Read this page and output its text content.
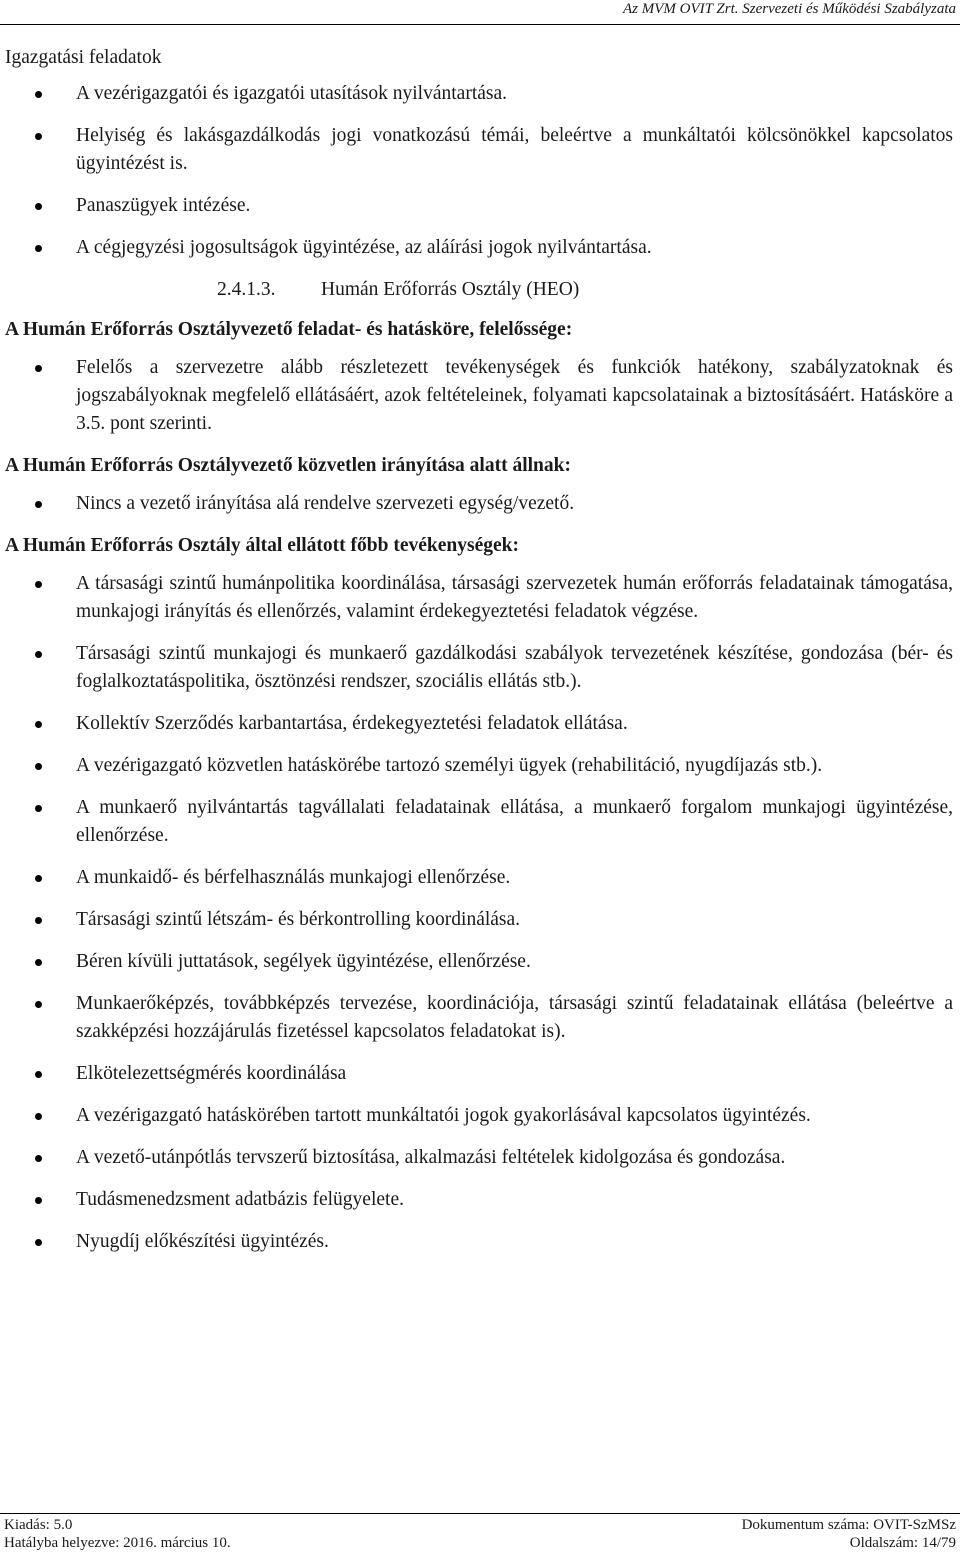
Az MVM OVIT Zrt. Szervezeti és Működési Szabályzata
Igazgatási feladatok
A vezérigazgatói és igazgatói utasítások nyilvántartása.
Helyiség és lakásgazdálkodás jogi vonatkozású témái, beleértve a munkáltatói kölcsönökkel kapcsolatos ügyintézést is.
Panaszügyek intézése.
A cégjegyzési jogosultságok ügyintézése, az aláírási jogok nyilvántartása.
2.4.1.3. Humán Erőforrás Osztály (HEO)
A Humán Erőforrás Osztályvezető feladat- és hatásköre, felelőssége:
Felelős a szervezetre alább részletezett tevékenységek és funkciók hatékony, szabályzatoknak és jogszabályoknak megfelelő ellátásáért, azok feltételeinek, folyamati kapcsolatainak a biztosításáért. Hatásköre a 3.5. pont szerinti.
A Humán Erőforrás Osztályvezető közvetlen irányítása alatt állnak:
Nincs a vezető irányítása alá rendelve szervezeti egység/vezető.
A Humán Erőforrás Osztály által ellátott főbb tevékenységek:
A társasági szintű humánpolitika koordinálása, társasági szervezetek humán erőforrás feladatainak támogatása, munkajogi irányítás és ellenőrzés, valamint érdekegyeztetési feladatok végzése.
Társasági szintű munkajogi és munkaerő gazdálkodási szabályok tervezetének készítése, gondozása (bér- és foglalkoztatáspolitika, ösztönzési rendszer, szociális ellátás stb.).
Kollektív Szerződés karbantartása, érdekegyeztetési feladatok ellátása.
A vezérigazgató közvetlen hatáskörébe tartozó személyi ügyek (rehabilitáció, nyugdíjazás stb.).
A munkaerő nyilvántartás tagvállalati feladatainak ellátása, a munkaerő forgalom munkajogi ügyintézése, ellenőrzése.
A munkaidő- és bérfelhasználás munkajogi ellenőrzése.
Társasági szintű létszám- és bérkontrolling koordinálása.
Béren kívüli juttatások, segélyek ügyintézése, ellenőrzése.
Munkaerőképzés, továbbképzés tervezése, koordinációja, társasági szintű feladatainak ellátása (beleértve a szakképzési hozzájárulás fizetéssel kapcsolatos feladatokat is).
Elkötelezettségmérés koordinálása
A vezérigazgató hatáskörében tartott munkáltatói jogok gyakorlásával kapcsolatos ügyintézés.
A vezető-utánpótlás tervszerű biztosítása, alkalmazási feltételek kidolgozása és gondozása.
Tudásmenedzsment adatbázis felügyelete.
Nyugdíj előkészítési ügyintézés.
Kiadás: 5.0	Dokumentum száma: OVIT-SzMSz
Hatályba helyezve: 2016. március 10.	Oldalszám: 14/79
